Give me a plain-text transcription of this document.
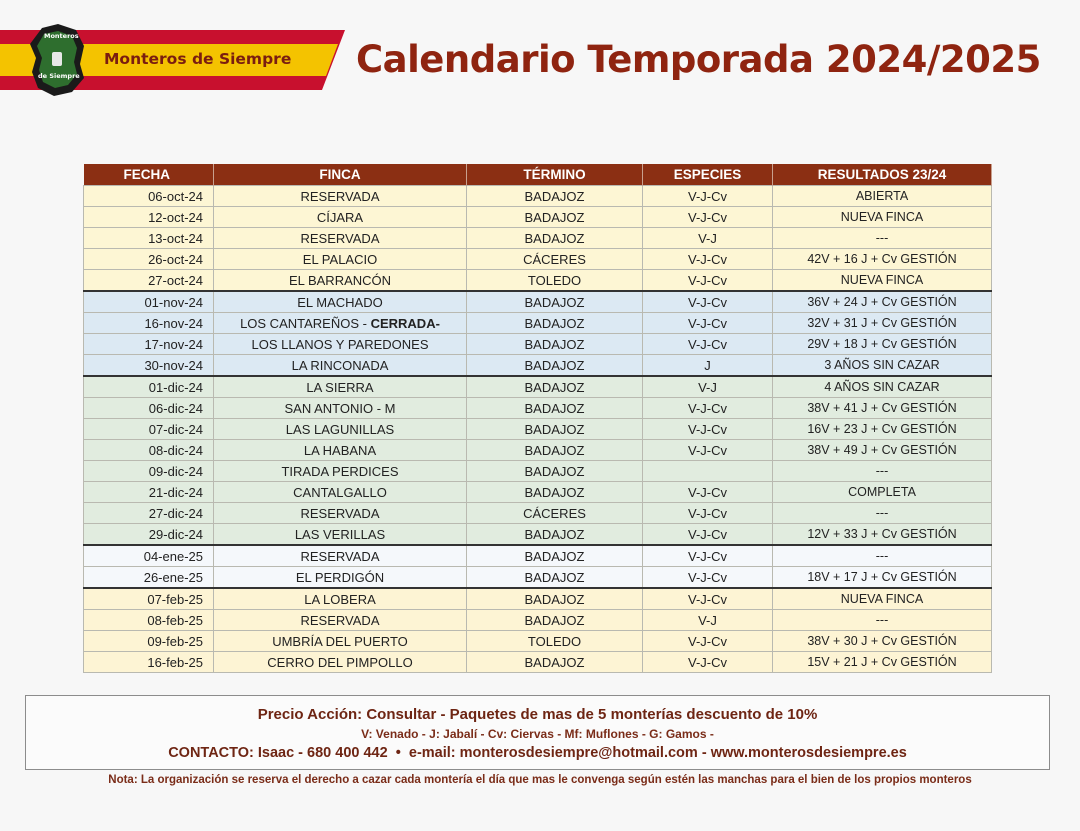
Monteros de Siempre
Monteros
de Siempre	Calendario Temporada 2024/2025
FECHA	FINCA	TÉRMINO	ESPECIES	RESULTADOS 23/24
06-oct-24	RESERVADA	BADAJOZ	V-J-Cv	ABIERTA
12-oct-24	CÍJARA	BADAJOZ	V-J-Cv	NUEVA FINCA
13-oct-24	RESERVADA	BADAJOZ	V-J	---
26-oct-24	EL PALACIO	CÁCERES	V-J-Cv	42V + 16 J + Cv GESTIÓN
27-oct-24	EL BARRANCÓN	TOLEDO	V-J-Cv	NUEVA FINCA
01-nov-24	EL MACHADO	BADAJOZ	V-J-Cv	36V + 24 J + Cv GESTIÓN
16-nov-24	LOS CANTAREÑOS - CERRADA-	BADAJOZ	V-J-Cv	32V + 31 J + Cv GESTIÓN
17-nov-24	LOS LLANOS Y PAREDONES	BADAJOZ	V-J-Cv	29V + 18 J + Cv GESTIÓN
30-nov-24	LA RINCONADA	BADAJOZ	J	3 AÑOS SIN CAZAR
01-dic-24	LA SIERRA	BADAJOZ	V-J	4 AÑOS SIN CAZAR
06-dic-24	SAN ANTONIO - M	BADAJOZ	V-J-Cv	38V + 41 J + Cv GESTIÓN
07-dic-24	LAS LAGUNILLAS	BADAJOZ	V-J-Cv	16V + 23 J + Cv GESTIÓN
08-dic-24	LA HABANA	BADAJOZ	V-J-Cv	38V + 49 J + Cv GESTIÓN
09-dic-24	TIRADA PERDICES	BADAJOZ		---
21-dic-24	CANTALGALLO	BADAJOZ	V-J-Cv	COMPLETA
27-dic-24	RESERVADA	CÁCERES	V-J-Cv	---
29-dic-24	LAS VERILLAS	BADAJOZ	V-J-Cv	12V + 33 J + Cv GESTIÓN
04-ene-25	RESERVADA	BADAJOZ	V-J-Cv	---
26-ene-25	EL PERDIGÓN	BADAJOZ	V-J-Cv	18V + 17 J + Cv GESTIÓN
07-feb-25	LA LOBERA	BADAJOZ	V-J-Cv	NUEVA FINCA
08-feb-25	RESERVADA	BADAJOZ	V-J	---
09-feb-25	UMBRÍA DEL PUERTO	TOLEDO	V-J-Cv	38V + 30 J + Cv GESTIÓN
16-feb-25	CERRO DEL PIMPOLLO	BADAJOZ	V-J-Cv	15V + 21 J + Cv GESTIÓN
Precio Acción: Consultar - Paquetes de mas de 5 monterías descuento de 10%
V: Venado - J: Jabalí - Cv: Ciervas - Mf: Muflones - G: Gamos -
CONTACTO: Isaac - 680 400 442  •  e-mail: monterosdesiempre@hotmail.com - www.monterosdesiempre.es
Nota: La organización se reserva el derecho a cazar cada montería el día que mas le convenga según estén las manchas para el bien de los propios monteros
